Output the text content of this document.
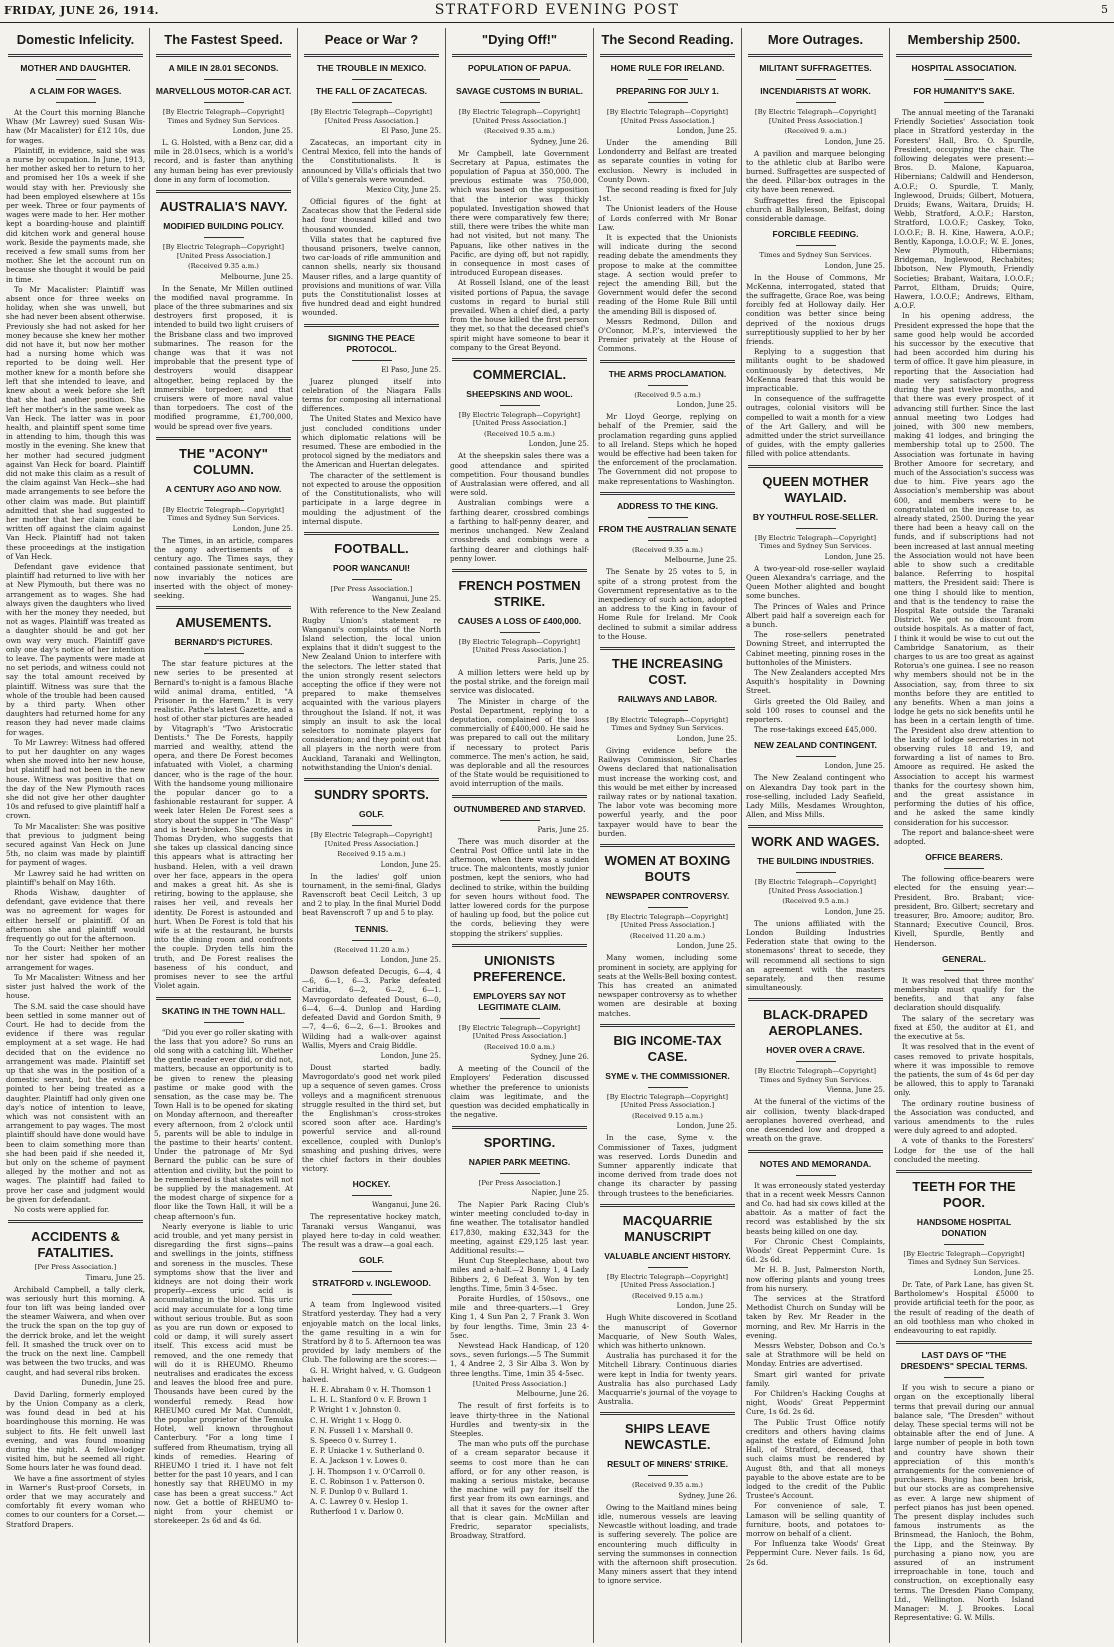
FRIDAY, JUNE 26, 1914.	STRATFORD EVENING POST	5
Domestic Infelicity.
MOTHER AND DAUGHTER.
A CLAIM FOR WAGES.
At the Court this morning Blanche Whaw (Mr Lawrey) sued Susan Wis-haw (Mr Macalister) for £12 10s, due for wages.
Plaintiff, in evidence, said she was a nurse by occupation. In June, 1913, her mother asked her to return to her and promised her 10s a week if she would stay with her. Previously she had been employed elsewhere at 15s per week. Three or four payments of wages were made to her. Her mother kept a boarding-house and plaintiff did kitchen work and general house work. Beside the payments made, she received a few small sums from her mother. She let the account run on because she thought it would be paid in time.
To Mr Macalister: Plaintiff was absent once for three weeks on holiday, when she was unwell, but she had never been absent otherwise. Previously she had not asked for her money because she knew her mother did not have it, but now her mother had a nursing home which was reported to be doing well. Her mother knew for a month before she left that she intended to leave, and knew about a week before she left that she had another position. She left her mother's in the same week as Van Heck. The latter was in poor health, and plaintiff spent some time in attending to him, though this was mostly in the evening. She knew that her mother had secured judgment against Van Heck for board. Plaintiff did not make this claim as a result of the claim against Van Heck—she had made arrangements to see before the other claim was made. But plaintiff admitted that she had suggested to her mother that her claim could be written off against the claim against Van Heck. Plaintiff had not taken these proceedings at the instigation of Van Heck.
Defendant gave evidence that plaintiff had returned to live with her at New Plymouth, but there was no arrangement as to wages. She had always given the daughters who lived with her the money they needed, but not as wages. Plaintiff was treated as a daughter should be and got her own way very much. Plaintiff gave only one day's notice of her intention to leave. The payments were made at no set periods, and witness could not say the total amount received by plaintiff. Witness was sure that the whole of the trouble had been caused by a third party. When other daughters had returned home for any reason they had never made claims for wages.
To Mr Lawrey: Witness had offered to put her daughter on any wages when she moved into her new house, but plaintiff had not been in the new house. Witness was positive that on the day of the New Plymouth races she did not give her other daughter 10s and refused to give plaintiff half a crown.
To Mr Macalister: She was positive that previous to judgment being secured against Van Heck on June 5th, no claim was made by plaintiff for payment of wages.
Mr Lawrey said he had written on plaintiff's behalf on May 16th.
Rhoda Wishaw, daughter of defendant, gave evidence that there was no agreement for wages for either herself or plaintiff. Of an afternoon she and plaintiff would frequently go out for the afternoon.
To the Court: Neither her mother nor her sister had spoken of an arrangement for wages.
To Mr Macalister: Witness and her sister just halved the work of the house.
The S.M. said the case should have been settled in some manner out of Court. He had to decide from the evidence if there was regular employment at a set wage. He had decided that on the evidence no arrangement was made. Plaintiff set up that she was in the position of a domestic servant, but the evidence pointed to her being treated as a daughter. Plaintiff had only given one day's notice of intention to leave, which was not consistent with an arrangement to pay wages. The most plaintiff should have done would have been to claim something more than she had been paid if she needed it, but only on the scheme of payment alleged by the mother and not as wages. The plaintiff had failed to prove her case and judgment would be given for defendant.
No costs were applied for.
ACCIDENTS & FATALITIES.
[Per Press Association.]
Timaru, June 25.
Archibald Campbell, a tally clerk, was seriously hurt this morning. A four ton lift was being landed over the steamer Waiwera, and when over the truck the span on the top guy of the derrick broke, and let the weight fell. It smashed the truck over on to the truck on the next line. Campbell was between the two trucks, and was caught, and had several ribs broken.
Dunedin, June 25.
David Darling, formerly employed by the Union Company as a clerk, was found dead in bed at his boardinghouse this morning. He was subject to fits. He felt unwell last evening, and was found moaning during the night. A fellow-lodger visited him, but he seemed all right. Some hours later he was found dead.
We have a fine assortment of styles in Warner's Rust-proof Corsets, in order that we may accurately and comfortably fit every woman who comes to our counters for a Corset.—Stratford Drapers.
The Fastest Speed.
A MILE IN 28.01 SECONDS.
MARVELLOUS MOTOR-CAR ACT.
[By Electric Telegraph—Copyright] Times and Sydney Sun Services.
London, June 25.
L. G. Holsted, with a Benz car, did a mile in 28.01secs, which is a world's record, and is faster than anything any human being has ever previously done in any form of locomotion.
AUSTRALIA'S NAVY.
MODIFIED BUILDING POLICY.
[By Electric Telegraph—Copyright] [United Press Association.]
(Received 9.35 a.m.)
Melbourne, June 25.
In the Senate, Mr Millen outlined the modified naval programme. In place of the three submarines and six destroyers first proposed, it is intended to build two light cruisers of the Brisbane class and two improved submarines. The reason for the change was that it was not improbable that the present type of destroyers would disappear altogether, being replaced by the immersible torpedoer, and that cruisers were of more naval value than torpedoers. The cost of the modified programme, £1,700,000, would be spread over five years.
THE "ACONY" COLUMN.
A CENTURY AGO AND NOW.
[By Electric Telegraph—Copyright] Times and Sydney Sun Services.
London, June 25.
The Times, in an article, compares the agony advertisements of a century ago. The Times says, they contained passionate sentiment, but now invariably the notices are inserted with the object of money-seeking.
AMUSEMENTS.
BERNARD'S PICTURES.
The star feature pictures at the new series to be presented at Bernard's to-night is a famous Blache wild animal drama, entitled, "A Prisoner in the Harem." It is very realistic. Pathe's latest Gazette, and a host of other star pictures are headed by Vitagraph's "Two Aristocratic Dentists." The De Forests, happily married and wealthy, attend the opera, and there De Forest becomes infatuated with Violet, a charming dancer, who is the rage of the hour. With the handsome young millionaire the popular dancer go to a fashionable restaurant for supper. A week later Helen De Forest sees a story about the supper in "The Wasp" and is heart-broken. She confides in Thomas Dryden, who suggests that she takes up classical dancing since this appears what is attracting her husband. Helen, with a veil drawn over her face, appears in the opera and makes a great hit. As she is retiring, bowing to the applause, she raises her veil, and reveals her identity. De Forest is astounded and hurt. When De Forest is told that his wife is at the restaurant, he bursts into the dining room and confronts the couple. Dryden tells him the truth, and De Forest realises the baseness of his conduct, and promises never to see the artful Violet again.
SKATING IN THE TOWN HALL.
"Did you ever go roller skating with the lass that you adore? So runs an old song with a catching lilt. Whether the gentle reader ever did, or did not, matters, because an opportunity is to be given to renew the pleasing pastime or make good with the sensation, as the case may be. The Town Hall is to be opened for skating on Monday afternoon, and thereafter every afternoon, from 2 o'clock until 5, parents will be able to indulge in the pastime to their hearts' content. Under the patronage of Mr Syd Bernard the public can be sure of attention and civility, but the point to be remembered is that skates will not be supplied by the management. At the modest charge of sixpence for a floor like the Town Hall, it will be a cheap afternoon's fun.
Nearly everyone is liable to uric acid trouble, and yet many persist in disregarding the first signs—pains and swellings in the joints, stiffness and soreness in the muscles. These symptoms show that the liver and kidneys are not doing their work properly—excess uric acid is accumulating in the blood. This uric acid may accumulate for a long time without serious trouble. But as soon as you are run down or exposed to cold or damp, it will surely assert itself. This excess acid must be removed, and the one remedy that will do it is RHEUMO. Rheumo neutralises and eradicates the excess and leaves the blood free and pure. Thousands have been cured by the wonderful remedy. Read how RHEUMO cured Mr Mat. Cunnoldt, the popular proprietor of the Temuka Hotel, well known throughout Canterbury. "For a long time I suffered from Rheumatism, trying all kinds of remedies. Hearing of RHEUMO I tried it. I have not felt better for the past 10 years, and I can honestly say that RHEUMO in my case has been a great success." Act now. Get a bottle of RHEUMO to-night from your chemist or storekeeper. 2s 6d and 4s 6d.
Peace or War ?
THE TROUBLE IN MEXICO.
THE FALL OF ZACATECAS.
[By Electric Telegraph—Copyright] [United Press Association.]
El Paso, June 25.
Zacatecas, an important city in Central Mexico, fell into the hands of the Constitutionalists. It is announced by Villa's officials that two of Villa's generals were wounded.
Mexico City, June 25.
Official figures of the fight at Zacatecas show that the Federal side had four thousand killed and two thousand wounded.
Villa states that he captured five thousand prisoners, twelve cannon, two car-loads of rifle ammunition and cannon shells, nearly six thousand Mauser rifles, and a large quantity of provisions and munitions of war. Villa puts the Constitutionalist losses at five hundred dead and eight hundred wounded.
SIGNING THE PEACE PROTOCOL.
El Paso, June 25.
Juarez plunged itself into celebration of the Niagara Falls terms for composing all international differences.
The United States and Mexico have just concluded conditions under which diplomatic relations will be resumed. These are embodied in the protocol signed by the mediators and the American and Huertan delegates.
The character of the settlement is not expected to arouse the opposition of the Constitutionalists, who will participate in a large degree in moulding the adjustment of the internal dispute.
FOOTBALL.
POOR WANCANUI!
[Per Press Association.]
Wanganui, June 25.
With reference to the New Zealand Rugby Union's statement re Wanganui's complaints of the North Island selection, the local union explains that it didn't suggest to the New Zealand Union to interfere with the selectors. The letter stated that the union strongly resent selectors accepting the office if they were not prepared to make themselves acquainted with the various players throughout the Island. If not, it was simply an insult to ask the local selectors to nominate players for consideration; and they point out that all players in the north were from Auckland, Taranaki and Wellington, notwithstanding the Union's denial.
SUNDRY SPORTS.
GOLF.
[By Electric Telegraph—Copyright] [United Press Association.]
Received 9.15 a.m.)
London, June 25.
In the ladies' golf union tournament, in the semi-final, Gladys Ravenscroft beat Cecil Leitch, 3 up and 2 to play. In the final Muriel Dodd beat Ravenscroft 7 up and 5 to play.
TENNIS.
(Received 11.20 a.m.)
London, June 25.
Dawson defeated Decugis, 6—4, 4—6, 6—1, 6—3. Parke defeated Caridia, 6—2, 6—2, 6—1. Mavrogordato defeated Doust, 6—0, 6—4, 6—4. Dunlop and Harding defeated David and Gordon Smith, 9—7, 4—6, 6—2, 6—1. Brookes and Wilding had a walk-over against Wallis, Myers and Craig Biddle.
London, June 25.
Doust started badly. Mavrogordato's good net work piled up a sequence of seven games. Cross volleys and a magnificent strenuous struggle resulted in the third set, but the Englishman's cross-strokes scored soon after ace. Harding's powerful service and all-round excellence, coupled with Dunlop's smashing and pushing drives, were the chief factors in their doubles victory.
HOCKEY.
Wanganui, June 26.
The representative hockey match, Taranaki versus Wanganui, was played here to-day in cold weather. The result was a draw—a goal each.
GOLF.
STRATFORD v. INGLEWOOD.
A team from Inglewood visited Stratford yesterday. They had a very enjoyable match on the local links, the game resulting in a win for Stratford by 8 to 5. Afternoon tea was provided by lady members of the Club. The following are the scores:—
G. H. Wright halved, v. G. Gudgeon halved.
H. E. Abraham 0 v. H. Thomson 1
L. H. L. Stanford 0 v. F. Brown 1
P. Wright 1 v. Johnston 0.
C. H. Wright 1 v. Hogg 0.
F. N. Fussell 1 v. Marshall 0.
S. Speeco 0 v. Surrey 1.
E. P. Uniacke 1 v. Sutherland 0.
E. A. Jackson 1 v. Lowes 0.
J. H. Thompson 1 v. O'Carroll 0.
E. C. Robinson 1 v. Patterson 0.
N. F. Dunlop 0 v. Bullard 1.
A. C. Lawrey 0 v. Heslop 1.
Rutherfood 1 v. Darlow 0.
"Dying Off!"
POPULATION OF PAPUA.
SAVAGE CUSTOMS IN BURIAL.
[By Electric Telegraph—Copyright] [United Press Association.]
(Received 9.35 a.m.)
Sydney, June 26.
Mr Campbell, late Government Secretary at Papua, estimates the population of Papua at 350,000. The previous estimate was 750,000, which was based on the supposition that the interior was thickly populated. Investigation showed that there were comparatively few there; still, there were tribes the white man had not visited, but not many. The Papuans, like other natives in the Pacific, are dying off, but not rapidly, in consequence in most cases of introduced European diseases.
At Rossell Island, one of the least visited portions of Papua, the savage customs in regard to burial still prevailed. When a chief died, a party from the house killed the first person they met, so that the deceased chief's spirit might have someone to bear it company to the Great Beyond.
COMMERCIAL.
SHEEPSKINS AND WOOL.
[By Electric Telegraph—Copyright] [United Press Association.]
(Received 10.5 a.m.)
London, June 25.
At the sheepskin sales there was a good attendance and spirited competition. Four thousand bundles of Australasian were offered, and all were sold.
Australian combings were a farthing dearer, crossbred combings a farthing to half-penny dearer, and merinos unchanged. New Zealand crossbreds and combings were a farthing dearer and clothings half-penny lower.
FRENCH POSTMEN STRIKE.
CAUSES A LOSS OF £400,000.
[By Electric Telegraph—Copyright] [United Press Association.]
Paris, June 25.
A million letters were held up by the postal strike, and the foreign mail service was dislocated.
The Minister in charge of the Postal Department, replying to a deputation, complained of the loss commercially of £400,000. He said he was prepared to call out the military if necessary to protect Paris commerce. The men's action, he said, was deplorable and all the resources of the State would be requisitioned to avoid interruption of the mails.
OUTNUMBERED AND STARVED.
Paris, June 25.
There was much disorder at the Central Post Office until late in the afternoon, when there was a sudden truce. The malcontents, mostly junior postmen, kept the seniors, who had declined to strike, within the building for seven hours without food. The latter lowered cords for the purpose of hauling up food, but the police cut the cords, believing they were stopping the strikers' supplies.
UNIONISTS PREFERENCE.
EMPLOYERS SAY NOT LEGITIMATE CLAIM.
[By Electric Telegraph—Copyright] [United Press Association.]
(Received 10.0 a.m.)
Sydney, June 26.
A meeting of the Council of the Employers' Federation discussed whether the preference to unionists claim was legitimate, and the question was decided emphatically in the negative.
SPORTING.
NAPIER PARK MEETING.
[Per Press Association.]
Napier, June 25.
The Napier Park Racing Club's winter meeting concluded to-day in fine weather. The totalisator handled £17,830, making £32,343 for the meeting, against £29,125 last year. Additional results:—
Hunt Cup Steeplechase, about two miles and a-half.—2 Bonny 1, 4 Lady Bibbers 2, 6 Defeat 3. Won by ten lengths. Time, 5min 3 4-5sec.
Poraite Hurdles, of 150sovs., one mile and three-quarters.—1 Grey King 1, 4 Sun Pan 2, 7 Frank 3. Won by four lengths. Time, 3min 23 4-5sec.
Newstead Hack Handicap, of 120 sovs., seven furlongs.—5 The Summit 1, 4 Andree 2, 3 Sir Alba 3. Won by three lengths. Time, 1min 35 4-5sec.
[United Press Association.]
Melbourne, June 26.
The result of first forfeits is to leave thirty-three in the National Hurdles and twenty-six in the Steeples.
The man who puts off the purchase of a cream separator because it seems to cost more than he can afford, or for any other reason, is making a serious mistake, because the machine will pay for itself the first year from its own earnings, and all that it saves for the owner after that is clear gain. McMillan and Fredric, separator specialists, Broadway, Stratford.
The Second Reading.
HOME RULE FOR IRELAND.
PREPARING FOR JULY 1.
[By Electric Telegraph—Copyright] [United Press Association.]
London, June 25.
Under the amending Bill Londonderry and Belfast are treated as separate counties in voting for exclusion. Newry is included in County Down.
The second reading is fixed for July 1st.
The Unionist leaders of the House of Lords conferred with Mr Bonar Law.
It is expected that the Unionists will indicate during the second reading debate the amendments they propose to make at the committee stage. A section would prefer to reject the amending Bill, but the Government would defer the second reading of the Home Rule Bill until the amending Bill is disposed of.
Messrs Redmond, Dillon and O'Connor, M.P.'s, interviewed the Premier privately at the House of Commons.
THE ARMS PROCLAMATION.
(Received 9.5 a.m.)
London, June 25.
Mr Lloyd George, replying on behalf of the Premier, said the proclamation regarding guns applied to all Ireland. Steps which he hoped would be effective had been taken for the enforcement of the proclamation. The Government did not propose to make representations to Washington.
ADDRESS TO THE KING.
FROM THE AUSTRALIAN SENATE
(Received 9.35 a.m.)
Melbourne, June 25.
The Senate by 25 votes to 5, in spite of a strong protest from the Government representative as to the inexpediency of such action, adopted an address to the King in favour of Home Rule for Ireland. Mr Cook declined to submit a similar address to the House.
THE INCREASING COST.
RAILWAYS AND LABOR.
[By Electric Telegraph—Copyright] Times and Sydney Sun Services.
London, June 25.
Giving evidence before the Railways Commission, Sir Charles Owens declared that nationalisation must increase the working cost, and this would be met either by increased railway rates or by national taxation. The labor vote was becoming more powerful yearly, and the poor taxpayer would have to bear the burden.
WOMEN AT BOXING BOUTS
NEWSPAPER CONTROVERSY.
[By Electric Telegraph—Copyright] [United Press Association.]
(Received 11.20 a.m.)
London, June 25.
Many women, including some prominent in society, are applying for seats at the Wells-Bell boxing contest. This has created an animated newspaper controversy as to whether women are desirable at boxing matches.
BIG INCOME-TAX CASE.
SYME v. THE COMMISSIONER.
[By Electric Telegraph—Copyright] [United Press Association.]
(Received 9.15 a.m.)
London, June 25.
In the case, Syme v. the Commissioner of Taxes, judgment was reserved. Lords Dunedin and Sumner apparently indicate that income derived from trade does not change its character by passing through trustees to the beneficiaries.
MACQUARRIE MANUSCRIPT
VALUABLE ANCIENT HISTORY.
[By Electric Telegraph—Copyright] [United Press Association.]
(Received 9.15 a.m.)
London, June 25.
Hugh White discovered in Scotland the manuscript of Governor Macquarie, of New South Wales, which was hitherto unknown.
Australia has purchased it for the Mitchell Library. Continuous diaries were kept in India for twenty years. Australia has also purchased Lady Macquarrie's journal of the voyage to Australia.
SHIPS LEAVE NEWCASTLE.
RESULT OF MINERS' STRIKE.
(Received 9.35 a.m.)
Sydney, June 26.
Owing to the Maitland mines being idle, numerous vessels are leaving Newcastle without loading, and trade is suffering severely. The police are encountering much difficulty in serving the summonses in connection with the afternoon shift prosecution. Many miners assert that they intend to ignore service.
More Outrages.
MILITANT SUFFRAGETTES.
INCENDIARISTS AT WORK.
[By Electric Telegraph—Copyright] [United Press Association.]
(Received 9. a.m.)
London, June 25.
A pavilion and marquee belonging to the athletic club at Barlbo were burned. Suffragettes are suspected of the deed. Pillar-box outrages in the city have been renewed.
Suffragettes fired the Episcopal church at Ballylesson, Belfast, doing considerable damage.
FORCIBLE FEEDING.
Times and Sydney Sun Services.
London, June 25.
In the House of Commons, Mr McKenna, interrogated, stated that the suffragette, Grace Roe, was being forcibly fed at Holloway daily. Her condition was better since being deprived of the noxious drugs surreptitiously supplied to her by her friends.
Replying to a suggestion that militants ought to be shadowed continuously by detectives, Mr McKenna feared that this would be impracticable.
In consequence of the suffragette outrages, colonial visitors will be compelled to wait a month for a view of the Art Gallery, and will be admitted under the strict surveillance of guides, with the empty galleries filled with police attendants.
QUEEN MOTHER WAYLAID.
BY YOUTHFUL ROSE-SELLER.
[By Electric Telegraph—Copyright] Times and Sydney Sun Services.
London, June 25.
A two-year-old rose-seller waylaid Queen Alexandra's carriage, and the Queen Mother alighted and bought some bunches.
The Princes of Wales and Prince Albert paid half a sovereign each for a bunch.
The rose-sellers penetrated Downing Street, and interrupted the Cabinet meeting, pinning roses in the buttonholes of the Ministers.
The New Zealanders accepted Mrs Asquith's hospitality in Downing Street.
Girls greeted the Old Bailey, and sold 100 roses to counsel and the reporters.
The rose-takings exceed £45,000.
NEW ZEALAND CONTINGENT.
London, June 25.
The New Zealand contingent who on Alexandra Day took part in the rose-selling, included Lady Seafield, Lady Mills, Mesdames Wroughton, Allen, and Miss Mills.
WORK AND WAGES.
THE BUILDING INDUSTRIES.
[By Electric Telegraph—Copyright] [United Press Association.]
(Received 9.5 a.m.)
London, June 25.
The unions affiliated with the London Building Industries Federation state that owing to the stonemasons' threat to secede, they will recommend all sections to sign an agreement with the masters separately, and then resume simultaneously.
BLACK-DRAPED AEROPLANES.
HOVER OVER A CRAVE.
[By Electric Telegraph—Copyright] Times and Sydney Sun Services.
Vienna, June 25.
At the funeral of the victims of the air collision, twenty black-draped aeroplanes hovered overhead, and one descended low and dropped a wreath on the grave.
NOTES AND MEMORANDA.
It was erroneously stated yesterday that in a recent week Messrs Cannon and Co. had had six cows killed at the abattoir. As a matter of fact the record was established by the six beasts being killed on one day.
For Chronic Chest Complaints, Woods' Great Peppermint Cure. 1s 6d. 2s 6d.
Mr H. B. Just, Palmerston North, now offering plants and young trees from his nursery.
The services at the Stratford Methodist Church on Sunday will be taken by Rev. Mr Reader in the morning, and Rev. Mr Harris in the evening.
Messrs Webster, Dobson and Co.'s sale at Strathmore will be held on Monday. Entries are advertised.
Smart girl wanted for private family.
For Children's Hacking Coughs at night, Woods' Great Peppermint Cure, 1s 6d. 2s 6d.
The Public Trust Office notify creditors and others having claims against the estate of Edmund John Hall, of Stratford, deceased, that such claims must be rendered by August 8th, and that all moneys payable to the above estate are to be lodged to the credit of the Public Trustee's Account.
For convenience of sale, T. Lamason will be selling quantity of furniture, boots, and potatoes to-morrow on behalf of a client.
For Influenza take Woods' Great Peppermint Cure. Never fails. 1s 6d, 2s 6d.
Membership 2500.
HOSPITAL ASSOCIATION.
FOR HUMANITY'S SAKE.
The annual meeting of the Taranaki Friendly Societies' Association took place in Stratford yesterday in the Foresters' Hall, Bro. O. Spurdle, President, occupying the chair. The following delegates were present:—Bros. D. Malone, Kapuaroa, Hibernians; Caldwill and Henderson, A.O.F.; O. Spurdle, T. Manly, Inglewood, Druids; Gilbert, Motuera, Druids; Ewans, Waitara, Druids; H. Webb, Stratford, A.O.F.; Harston, Stratford, I.O.O.F.; Caskey, Toko, I.O.O.F.; B. H. Kine, Hawera, A.O.F.; Bently, Kaponga, I.O.O.F.; W. E. Jones, New Plymouth, Hibernians; Bridgeman, Inglewood, Rechabites; Ibbotson, New Plymouth, Friendly Societies; Brabant, Waitara, I.O.O.F.; Parrot, Eltham, Druids; Quire, Hawera, I.O.O.F.; Andrews, Eltham, A.O.F.
In his opening address, the President expressed the hope that the same good help would be accorded his successor by the executive that had been accorded him during his term of office. It gave him pleasure, in reporting that the Association had made very satisfactory progress during the past twelve months, and that there was every prospect of it advancing still further. Since the last annual meeting two Lodges had joined, with 300 new members, making 41 lodges, and bringing the membership total up to 2500. The Association was fortunate in having Brother Amoore for secretary, and much of the Association's success was due to him. Five years ago the Association's membership was about 600, and members were to be congratulated on the increase to, as already stated, 2500. During the year there had been a heavy call on the funds, and if subscriptions had not been increased at last annual meeting the Association would not have been able to show such a creditable balance. Referring to hospital matters, the President said: There is one thing I should like to mention, and that is the tendency to raise the Hospital Rate outside the Taranaki District. We got no discount from outside hospitals. As a matter of fact, I think it would be wise to cut out the Cambridge Sanatorium, as their charges to us are too great as against Rotorua's one guinea. I see no reason why members should not be in the Association, say, from three to six months before they are entitled to any benefits. When a man joins a lodge he gets no sick benefits until he has been in a certain length of time. The President also drew attention to the laxity of lodge secretaries in not observing rules 18 and 19, and forwarding a list of names to Bro. Amoore as required. He asked the Association to accept his warmest thanks for the courtesy shown him, and the great assistance in performing the duties of his office, and he asked the same kindly consideration for his successor.
The report and balance-sheet were adopted.
OFFICE BEARERS.
The following office-bearers were elected for the ensuing year:—President, Bro. Brabant; vice-president, Bro. Gilbert; secretary and treasurer, Bro. Amoore; auditor, Bro. Stannard; Executive Council, Bros. Kivell, Spurdle, Bently and Henderson.
GENERAL.
It was resolved that three months' membership must qualify for the benefits, and that any false declaration should disqualify.
The salary of the secretary was fixed at £50, the auditor at £1, and the executive at 5s.
It was resolved that in the event of cases removed to private hospitals, where it was impossible to remove the patients, the sum of 4s 6d per day be allowed, this to apply to Taranaki only.
The ordinary routine business of the Association was conducted, and various amendments to the rules were duly agreed to and adopted.
A vote of thanks to the Foresters' Lodge for the use of the hall concluded the meeting.
TEETH FOR THE POOR.
HANDSOME HOSPITAL DONATION
[By Electric Telegraph—Copyright] Times and Sydney Sun Services.
London, June 25.
Dr. Tate, of Park Lane, has given St. Bartholomew's Hospital £5000 to provide artificial teeth for the poor, as the result of reading of the death of an old toothless man who choked in endeavouring to eat rapidly.
LAST DAYS OF "THE DRESDEN'S" SPECIAL TERMS.
If you wish to secure a piano or organ on the exceptionally liberal terms that prevail during our annual balance sale, "The Dresden" without delay. These special terms will not be obtainable after the end of June. A large number of people in both town and country have shown their appreciation of this month's arrangements for the convenience of purchasers. Buying has been brisk, but our stocks are as comprehensive as ever. A large new shipment of perfect pianos has just been opened. The present display includes such famous instruments as the Brinsmead, the Hanloch, the Bohm, the Lipp, and the Steinway. By purchasing a piano now, you are assured of an instrument irreproachable in tone, touch and construction, on exceptionally easy terms. The Dresden Piano Company, Ltd., Wellington. North Island Manager: M. J. Brookes. Local Representative: G. W. Mills.
